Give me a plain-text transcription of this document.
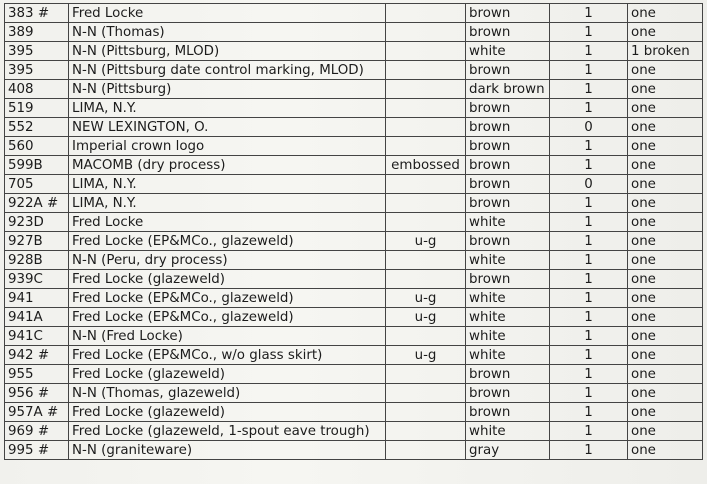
383 #	Fred Locke		brown	1	one
389	N-N (Thomas)		brown	1	one
395	N-N (Pittsburg, MLOD)		white	1	1 broken
395	N-N (Pittsburg date control marking, MLOD)		brown	1	one
408	N-N (Pittsburg)		dark brown	1	one
519	LIMA, N.Y.		brown	1	one
552	NEW LEXINGTON, O.		brown	0	one
560	Imperial crown logo		brown	1	one
599B	MACOMB (dry process)	embossed	brown	1	one
705	LIMA, N.Y.		brown	0	one
922A #	LIMA, N.Y.		brown	1	one
923D	Fred Locke		white	1	one
927B	Fred Locke (EP&MCo., glazeweld)	u-g	brown	1	one
928B	N-N (Peru, dry process)		white	1	one
939C	Fred Locke (glazeweld)		brown	1	one
941	Fred Locke (EP&MCo., glazeweld)	u-g	white	1	one
941A	Fred Locke (EP&MCo., glazeweld)	u-g	white	1	one
941C	N-N (Fred Locke)		white	1	one
942 #	Fred Locke (EP&MCo., w/o glass skirt)	u-g	white	1	one
955	Fred Locke (glazeweld)		brown	1	one
956 #	N-N (Thomas, glazeweld)		brown	1	one
957A #	Fred Locke (glazeweld)		brown	1	one
969 #	Fred Locke (glazeweld, 1-spout eave trough)		white	1	one
995 #	N-N (graniteware)		gray	1	one
